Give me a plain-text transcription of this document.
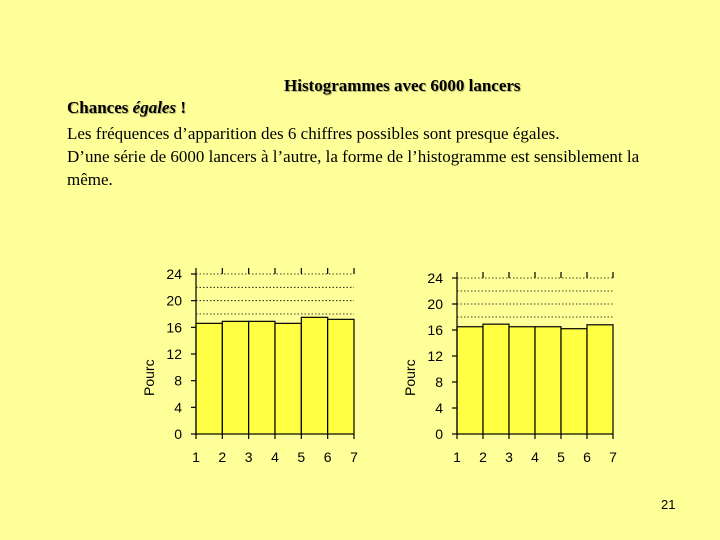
Histogrammes avec 6000 lancers
Chances égales !

Les fréquences d’apparition des 6 chiffres possibles sont presque égales.

D’une série de 6000 lancers à l’autre, la forme de l’histogramme est sensiblement la même.

0
4
8
12
16
20
24
1 2 3 4 5 6 7
Pourc
0
4
8
12
16
20
24
1 2 3 4 5 6 7
Pourc
21
